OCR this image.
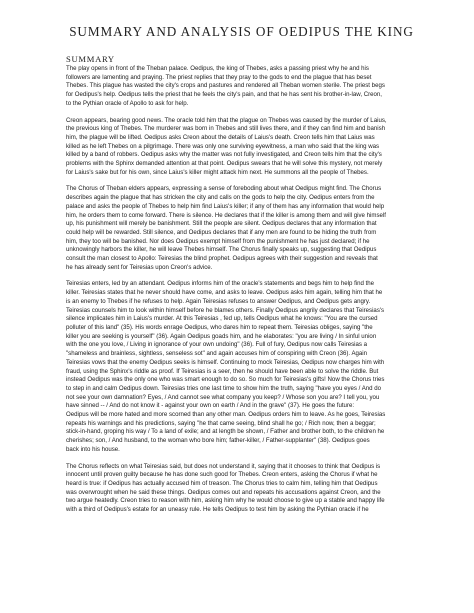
SUMMARY AND ANALYSIS OF OEDIPUS THE KING
SUMMARY
The play opens in front of the Theban palace. Oedipus, the king of Thebes, asks a passing priest why he and his
followers are lamenting and praying. The priest replies that they pray to the gods to end the plague that has beset
Thebes. This plague has wasted the city's crops and pastures and rendered all Theban women sterile. The priest begs
for Oedipus's help. Oedipus tells the priest that he feels the city's pain, and that he has sent his brother-in-law, Creon,
to the Pythian oracle of Apollo to ask for help.
Creon appears, bearing good news. The oracle told him that the plague on Thebes was caused by the murder of Laius,
the previous king of Thebes. The murderer was born in Thebes and still lives there, and if they can find him and banish
him, the plague will be lifted. Oedipus asks Creon about the details of Laius's death. Creon tells him that Laius was
killed as he left Thebes on a pilgrimage. There was only one surviving eyewitness, a man who said that the king was
killed by a band of robbers. Oedipus asks why the matter was not fully investigated, and Creon tells him that the city's
problems with the Sphinx demanded attention at that point. Oedipus swears that he will solve this mystery, not merely
for Laius's sake but for his own, since Laius's killer might attack him next. He summons all the people of Thebes.
The Chorus of Theban elders appears, expressing a sense of foreboding about what Oedipus might find. The Chorus
describes again the plague that has stricken the city and calls on the gods to help the city. Oedipus enters from the
palace and asks the people of Thebes to help him find Laius's killer; if any of them has any information that would help
him, he orders them to come forward. There is silence. He declares that if the killer is among them and will give himself
up, his punishment will merely be banishment. Still the people are silent. Oedipus declares that any information that
could help will be rewarded. Still silence, and Oedipus declares that if any men are found to be hiding the truth from
him, they too will be banished. Nor does Oedipus exempt himself from the punishment he has just declared; if he
unknowingly harbors the killer, he will leave Thebes himself. The Chorus finally speaks up, suggesting that Oedipus
consult the man closest to Apollo: Teiresias the blind prophet. Oedipus agrees with their suggestion and reveals that
he has already sent for Teiresias upon Creon's advice.
Teiresias enters, led by an attendant. Oedipus informs him of the oracle's statements and begs him to help find the
killer. Teiresias states that he never should have come, and asks to leave. Oedipus asks him again, telling him that he
is an enemy to Thebes if he refuses to help. Again Teiresias refuses to answer Oedipus, and Oedipus gets angry.
Teiresias counsels him to look within himself before he blames others. Finally Oedipus angrily declares that Teiresias's
silence implicates him in Laius's murder. At this Teiresias , fed up, tells Oedipus what he knows: "You are the cursed
polluter of this land" (35). His words enrage Oedipus, who dares him to repeat them. Teiresias obliges, saying "the
killer you are seeking is yourself" (36). Again Oedipus goads him, and he elaborates: "you are living / In sinful union
with the one you love, / Living in ignorance of your own undoing" (36). Full of fury, Oedipus now calls Teiresias a
"shameless and brainless, sightless, senseless sot" and again accuses him of conspiring with Creon (36). Again
Teiresias vows that the enemy Oedipus seeks is himself. Continuing to mock Teiresias, Oedipus now charges him with
fraud, using the Sphinx's riddle as proof. If Teiresias is a seer, then he should have been able to solve the riddle. But
instead Oedipus was the only one who was smart enough to do so. So much for Teiresias's gifts! Now the Chorus tries
to step in and calm Oedipus down. Teiresias tries one last time to show him the truth, saying "have you eyes / And do
not see your own damnation? Eyes, / And cannot see what company you keep? / Whose son you are? I tell you, you
have sinned -- / And do not know it - against your own on earth / And in the grave" (37). He goes the future:
Oedipus will be more hated and more scorned than any other man. Oedipus orders him to leave. As he goes, Teiresias
repeats his warnings and his predictions, saying "he that came seeing, blind shall he go; / Rich now, then a beggar;
stick-in-hand, groping his way / To a land of exile; and at length be shown, / Father and brother both, to the children he
cherishes; son, / And husband, to the woman who bore him; father-killer, / Father-supplanter" (38). Oedipus goes
back into his house.
The Chorus reflects on what Teiresias said, but does not understand it, saying that it chooses to think that Oedipus is
innocent until proven guilty because he has done such good for Thebes. Creon enters, asking the Chorus if what he
heard is true: if Oedipus has actually accused him of treason. The Chorus tries to calm him, telling him that Oedipus
was overwrought when he said these things. Oedipus comes out and repeats his accusations against Creon, and the
two argue heatedly. Creon tries to reason with him, asking him why he would choose to give up a stable and happy life
with a third of Oedipus's estate for an uneasy rule. He tells Oedipus to test him by asking the Pythian oracle if he
